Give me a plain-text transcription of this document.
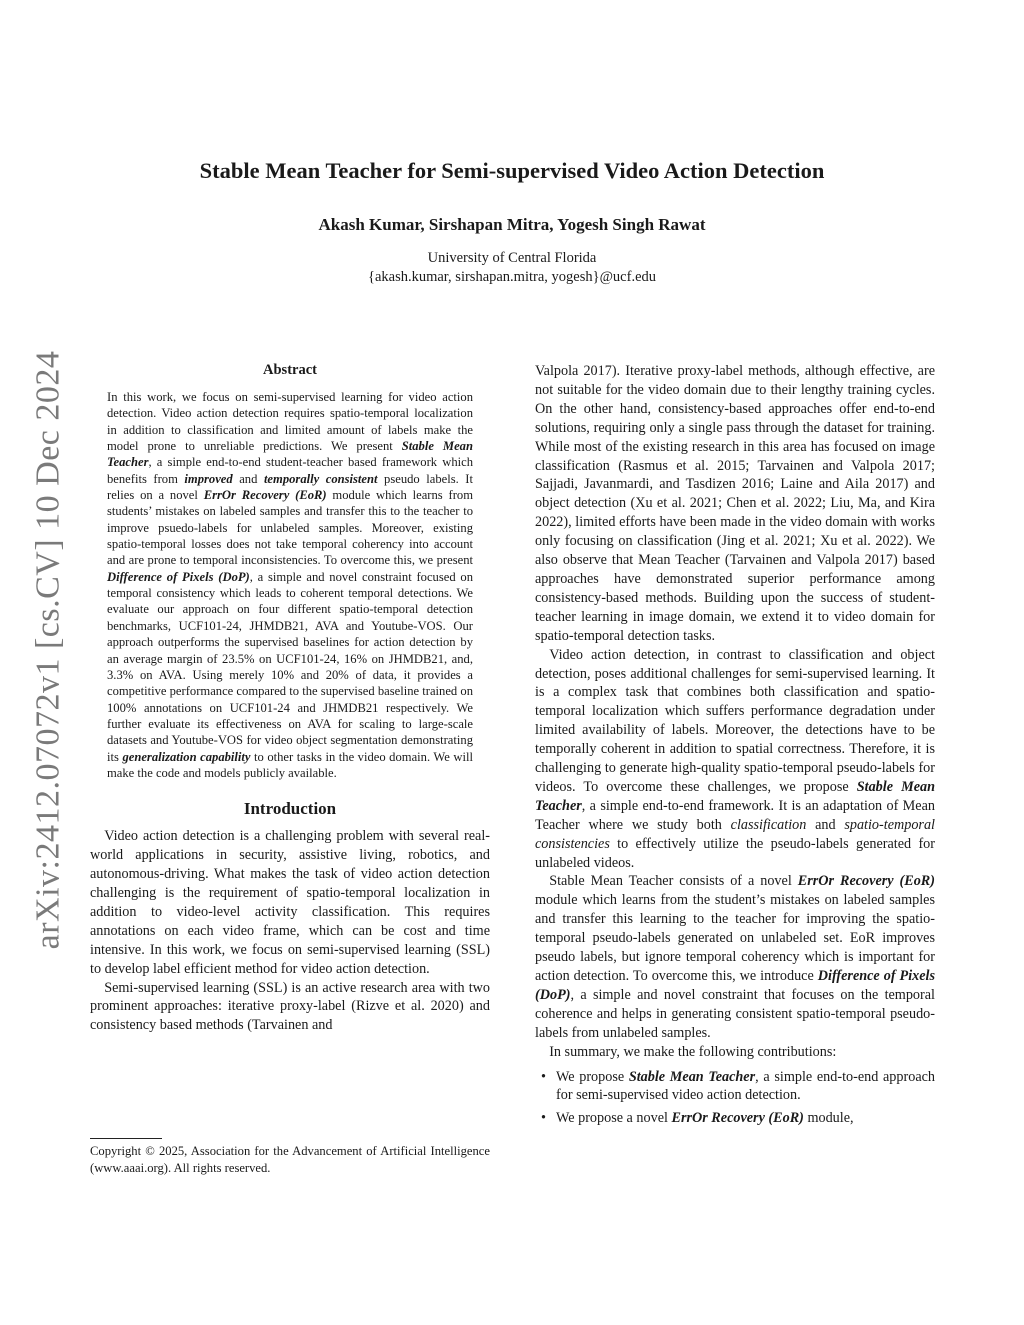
arXiv:2412.07072v1 [cs.CV] 10 Dec 2024
Stable Mean Teacher for Semi-supervised Video Action Detection
Akash Kumar, Sirshapan Mitra, Yogesh Singh Rawat
University of Central Florida
{akash.kumar, sirshapan.mitra, yogesh}@ucf.edu
Abstract

In this work, we focus on semi-supervised learning for video action detection. Video action detection requires spatio-temporal localization in addition to classification and limited amount of labels make the model prone to unreliable predictions. We present Stable Mean Teacher, a simple end-to-end student-teacher based framework which benefits from improved and temporally consistent pseudo labels. It relies on a novel ErrOr Recovery (EoR) module which learns from students’ mistakes on labeled samples and transfer this to the teacher to improve psuedo-labels for unlabeled samples. Moreover, existing spatio-temporal losses does not take temporal coherency into account and are prone to temporal inconsistencies. To overcome this, we present Difference of Pixels (DoP), a simple and novel constraint focused on temporal consistency which leads to coherent temporal detections. We evaluate our approach on four different spatio-temporal detection benchmarks, UCF101-24, JHMDB21, AVA and Youtube-VOS. Our approach outperforms the supervised baselines for action detection by an average margin of 23.5% on UCF101-24, 16% on JHMDB21, and, 3.3% on AVA. Using merely 10% and 20% of data, it provides a competitive performance compared to the supervised baseline trained on 100% annotations on UCF101-24 and JHMDB21 respectively. We further evaluate its effectiveness on AVA for scaling to large-scale datasets and Youtube-VOS for video object segmentation demonstrating its generalization capability to other tasks in the video domain. We will make the code and models publicly available.

Introduction

Video action detection is a challenging problem with several real-world applications in security, assistive living, robotics, and autonomous-driving. What makes the task of video action detection challenging is the requirement of spatio-temporal localization in addition to video-level activity classification. This requires annotations on each video frame, which can be cost and time intensive. In this work, we focus on semi-supervised learning (SSL) to develop label efficient method for video action detection.

Semi-supervised learning (SSL) is an active research area with two prominent approaches: iterative proxy-label (Rizve et al. 2020) and consistency based methods (Tarvainen and

Copyright © 2025, Association for the Advancement of Artificial Intelligence (www.aaai.org). All rights reserved.

Valpola 2017). Iterative proxy-label methods, although effective, are not suitable for the video domain due to their lengthy training cycles. On the other hand, consistency-based approaches offer end-to-end solutions, requiring only a single pass through the dataset for training. While most of the existing research in this area has focused on image classification (Rasmus et al. 2015; Tarvainen and Valpola 2017; Sajjadi, Javanmardi, and Tasdizen 2016; Laine and Aila 2017) and object detection (Xu et al. 2021; Chen et al. 2022; Liu, Ma, and Kira 2022), limited efforts have been made in the video domain with works only focusing on classification (Jing et al. 2021; Xu et al. 2022). We also observe that Mean Teacher (Tarvainen and Valpola 2017) based approaches have demonstrated superior performance among consistency-based methods. Building upon the success of student-teacher learning in image domain, we extend it to video domain for spatio-temporal detection tasks.

Video action detection, in contrast to classification and object detection, poses additional challenges for semi-supervised learning. It is a complex task that combines both classification and spatio-temporal localization which suffers performance degradation under limited availability of labels. Moreover, the detections have to be temporally coherent in addition to spatial correctness. Therefore, it is challenging to generate high-quality spatio-temporal pseudo-labels for videos. To overcome these challenges, we propose Stable Mean Teacher, a simple end-to-end framework. It is an adaptation of Mean Teacher where we study both classification and spatio-temporal consistencies to effectively utilize the pseudo-labels generated for unlabeled videos.

Stable Mean Teacher consists of a novel ErrOr Recovery (EoR) module which learns from the student’s mistakes on labeled samples and transfer this learning to the teacher for improving the spatio-temporal pseudo-labels generated on unlabeled set. EoR improves pseudo labels, but ignore temporal coherency which is important for action detection. To overcome this, we introduce Difference of Pixels (DoP), a simple and novel constraint that focuses on the temporal coherence and helps in generating consistent spatio-temporal pseudo-labels from unlabeled samples.

In summary, we make the following contributions:

• We propose Stable Mean Teacher, a simple end-to-end approach for semi-supervised video action detection.
• We propose a novel ErrOr Recovery (EoR) module,
